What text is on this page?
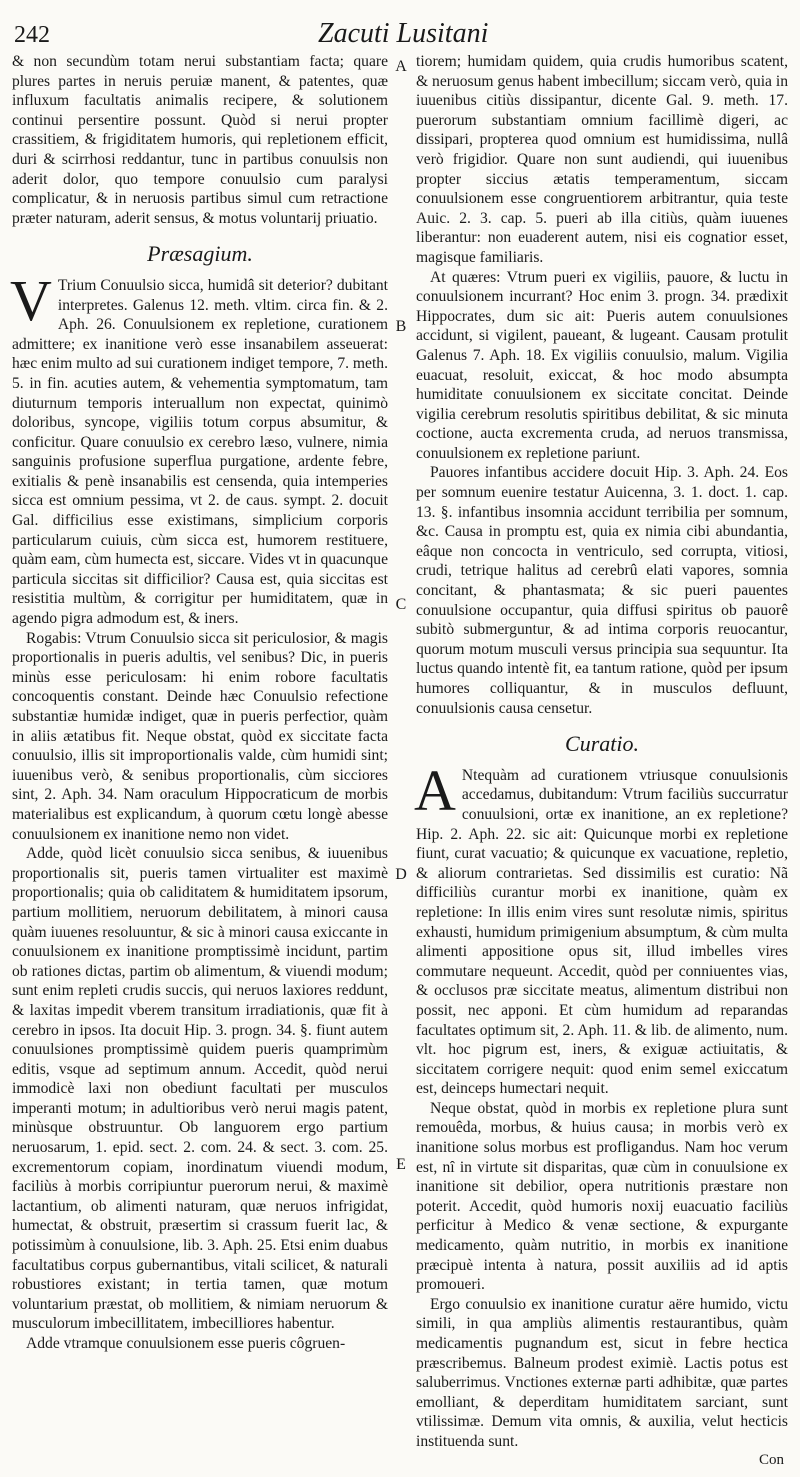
242	Zacuti Lusitani

& non secundùm totam nerui substantiam facta; quare plures partes in neruis peruiæ manent, & patentes, quæ influxum facultatis animalis recipere, & solutionem continui persentire possunt. Quòd si nerui propter crassitiem, & frigiditatem humoris, qui repletionem efficit, duri & scirrhosi reddantur, tunc in partibus conuulsis non aderit dolor, quo tempore conuulsio cum paralysi complicatur, & in neruosis partibus simul cum retractione præter naturam, aderit sensus, & motus voluntarij priuatio.

Præsagium.

V Trium Conuulsio sicca, humidâ sit deterior? dubitant interpretes. Galenus 12. meth. vltim. circa fin. & 2. Aph. 26. Conuulsionem ex repletione, curationem admittere; ex inanitione verò esse insanabilem asseuerat: hæc enim multo ad sui curationem indiget tempore, 7. meth. 5. in fin. acuties autem, & vehementia symptomatum, tam diuturnum temporis interuallum non expectat, quinimò doloribus, syncope, vigiliis totum corpus absumitur, & conficitur. Quare conuulsio ex cerebro læso, vulnere, nimia sanguinis profusione superflua purgatione, ardente febre, exitialis & penè insanabilis est censenda, quia intemperies sicca est omnium pessima, vt 2. de caus. sympt. 2. docuit Gal. difficilius esse existimans, simplicium corporis particularum cuiuis, cùm sicca est, humorem restituere, quàm eam, cùm humecta est, siccare. Vides vt in quacunque particula siccitas sit difficilior? Causa est, quia siccitas est resistitia multùm, & corrigitur per humiditatem, quæ in agendo pigra admodum est, & iners.

Rogabis: Vtrum Conuulsio sicca sit periculosior, & magis proportionalis in pueris adultis, vel senibus? Dic, in pueris minùs esse periculosam: hi enim robore facultatis concoquentis constant. Deinde hæc Conuulsio refectione substantiæ humidæ indiget, quæ in pueris perfectior, quàm in aliis ætatibus fit. Neque obstat, quòd ex siccitate facta conuulsio, illis sit improportionalis valde, cùm humidi sint; iuuenibus verò, & senibus proportionalis, cùm sicciores sint, 2. Aph. 34. Nam oraculum Hippocraticum de morbis materialibus est explicandum, à quorum cœtu longè abesse conuulsionem ex inanitione nemo non videt.

Adde, quòd licèt conuulsio sicca senibus, & iuuenibus proportionalis sit, pueris tamen virtualiter est maximè proportionalis; quia ob caliditatem & humiditatem ipsorum, partium mollitiem, neruorum debilitatem, à minori causa quàm iuuenes resoluuntur, & sic à minori causa exiccante in conuulsionem ex inanitione promptissimè incidunt, partim ob rationes dictas, partim ob alimentum, & viuendi modum; sunt enim repleti crudis succis, qui neruos laxiores reddunt, & laxitas impedit vberem transitum irradiationis, quæ fit à cerebro in ipsos. Ita docuit Hip. 3. progn. 34. §. fiunt autem conuulsiones promptissimè quidem pueris quamprimùm editis, vsque ad septimum annum. Accedit, quòd nerui immodicè laxi non obediunt facultati per musculos imperanti motum; in adultioribus verò nerui magis patent, minùsque obstruuntur. Ob languorem ergo partium neruosarum, 1. epid. sect. 2. com. 24. & sect. 3. com. 25. excrementorum copiam, inordinatum viuendi modum, faciliùs à morbis corripiuntur puerorum nerui, & maximè lactantium, ob alimenti naturam, quæ neruos infrigidat, humectat, & obstruit, præsertim si crassum fuerit lac, & potissimùm à conuulsione, lib. 3. Aph. 25. Etsi enim duabus facultatibus corpus gubernantibus, vitali scilicet, & naturali robustiores existant; in tertia tamen, quæ motum voluntarium præstat, ob mollitiem, & nimiam neruorum & musculorum imbecillitatem, imbecilliores habentur.

Adde vtramque conuulsionem esse pueris côgruen-

A
B
C
D
E

tiorem; humidam quidem, quia crudis humoribus scatent, & neruosum genus habent imbecillum; siccam verò, quia in iuuenibus citiùs dissipantur, dicente Gal. 9. meth. 17. puerorum substantiam omnium facillimè digeri, ac dissipari, propterea quod omnium est humidissima, nullâ verò frigidior. Quare non sunt audiendi, qui iuuenibus propter siccius ætatis temperamentum, siccam conuulsionem esse congruentiorem arbitrantur, quia teste Auic. 2. 3. cap. 5. pueri ab illa citiùs, quàm iuuenes liberantur: non euaderent autem, nisi eis cognatior esset, magisque familiaris.

At quæres: Vtrum pueri ex vigiliis, pauore, & luctu in conuulsionem incurrant? Hoc enim 3. progn. 34. prædixit Hippocrates, dum sic ait: Pueris autem conuulsiones accidunt, si vigilent, paueant, & lugeant. Causam protulit Galenus 7. Aph. 18. Ex vigiliis conuulsio, malum. Vigilia euacuat, resoluit, exiccat, & hoc modo absumpta humiditate conuulsionem ex siccitate concitat. Deinde vigilia cerebrum resolutis spiritibus debilitat, & sic minuta coctione, aucta excrementa cruda, ad neruos transmissa, conuulsionem ex repletione pariunt.

Pauores infantibus accidere docuit Hip. 3. Aph. 24. Eos per somnum euenire testatur Auicenna, 3. 1. doct. 1. cap. 13. §. infantibus insomnia accidunt terribilia per somnum, &c. Causa in promptu est, quia ex nimia cibi abundantia, eâque non concocta in ventriculo, sed corrupta, vitiosi, crudi, tetrique halitus ad cerebrû elati vapores, somnia concitant, & phantasmata; & sic pueri pauentes conuulsione occupantur, quia diffusi spiritus ob pauorê subitò submerguntur, & ad intima corporis reuocantur, quorum motum musculi versus principia sua sequuntur. Ita luctus quando intentè fit, ea tantum ratione, quòd per ipsum humores colliquantur, & in musculos defluunt, conuulsionis causa censetur.

Curatio.

A Ntequàm ad curationem vtriusque conuulsionis accedamus, dubitandum: Vtrum faciliùs succurratur conuulsioni, ortæ ex inanitione, an ex repletione? Hip. 2. Aph. 22. sic ait: Quicunque morbi ex repletione fiunt, curat vacuatio; & quicunque ex vacuatione, repletio, & aliorum contrarietas. Sed dissimilis est curatio: Nã difficiliùs curantur morbi ex inanitione, quàm ex repletione: In illis enim vires sunt resolutæ nimis, spiritus exhausti, humidum primigenium absumptum, & cùm multa alimenti appositione opus sit, illud imbelles vires commutare nequeunt. Accedit, quòd per conniuentes vias, & occlusos præ siccitate meatus, alimentum distribui non possit, nec apponi. Et cùm humidum ad reparandas facultates optimum sit, 2. Aph. 11. & lib. de alimento, num. vlt. hoc pigrum est, iners, & exiguæ actiuitatis, & siccitatem corrigere nequit: quod enim semel exiccatum est, deinceps humectari nequit.

Neque obstat, quòd in morbis ex repletione plura sunt remouêda, morbus, & huius causa; in morbis verò ex inanitione solus morbus est profligandus. Nam hoc verum est, nî in virtute sit disparitas, quæ cùm in conuulsione ex inanitione sit debilior, opera nutritionis præstare non poterit. Accedit, quòd humoris noxij euacuatio faciliùs perficitur à Medico & venæ sectione, & expurgante medicamento, quàm nutritio, in morbis ex inanitione præcipuè intenta à natura, possit auxiliis ad id aptis promoueri.

Ergo conuulsio ex inanitione curatur aëre humido, victu simili, in qua ampliùs alimentis restaurantibus, quàm medicamentis pugnandum est, sicut in febre hectica præscribemus. Balneum prodest eximiè. Lactis potus est saluberrimus. Vnctiones externæ parti adhibitæ, quæ partes emolliant, & deperditam humiditatem sarciant, sunt vtilissimæ. Demum vita omnis, & auxilia, velut hecticis instituenda sunt.

Con
